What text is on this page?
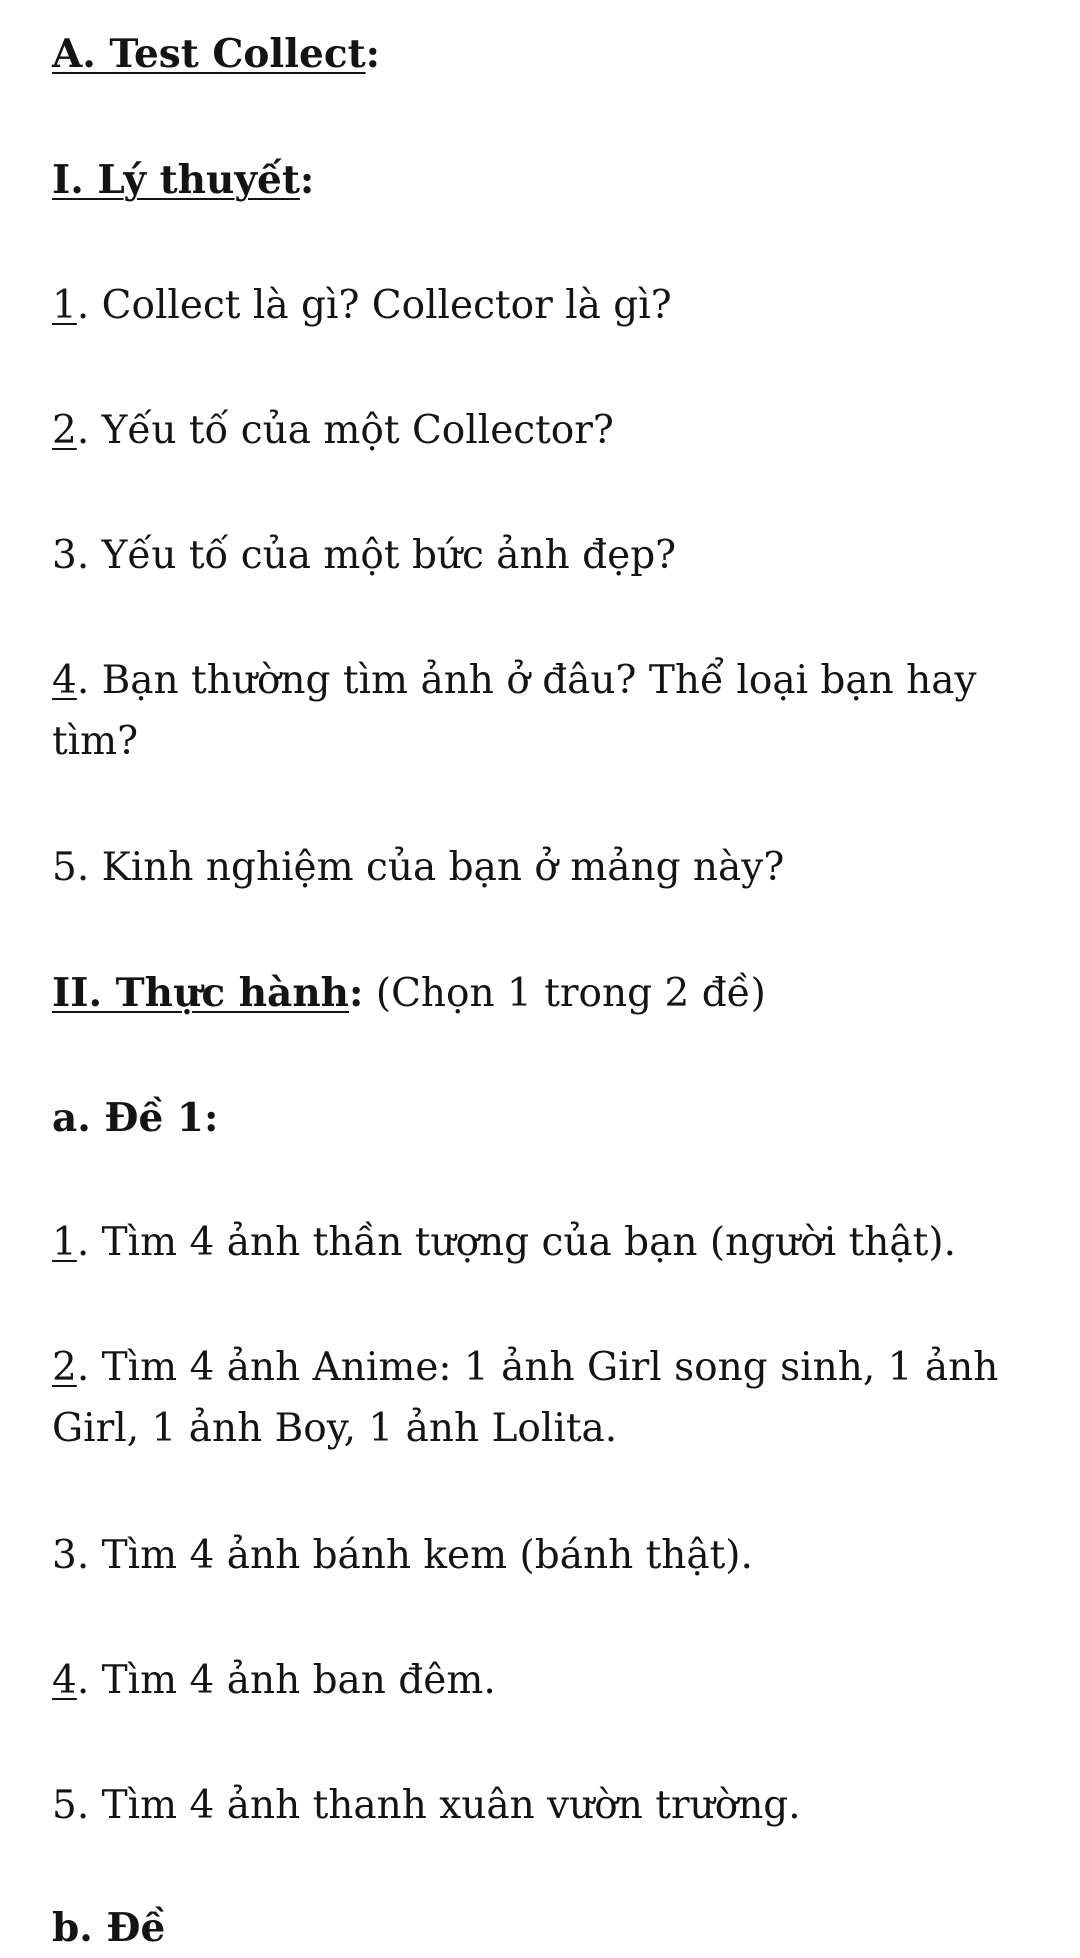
A. Test Collect:

I. Lý thuyết:

1. Collect là gì? Collector là gì?

2. Yếu tố của một Collector?

3. Yếu tố của một bức ảnh đẹp?

4. Bạn thường tìm ảnh ở đâu? Thể loại bạn hay

tìm?

5. Kinh nghiệm của bạn ở mảng này?

II. Thực hành: (Chọn 1 trong 2 đề)

a. Đề 1:

1. Tìm 4 ảnh thần tượng của bạn (người thật).

2. Tìm 4 ảnh Anime: 1 ảnh Girl song sinh, 1 ảnh

Girl, 1 ảnh Boy, 1 ảnh Lolita.

3. Tìm 4 ảnh bánh kem (bánh thật).

4. Tìm 4 ảnh ban đêm.

5. Tìm 4 ảnh thanh xuân vườn trường.

b. Đề
